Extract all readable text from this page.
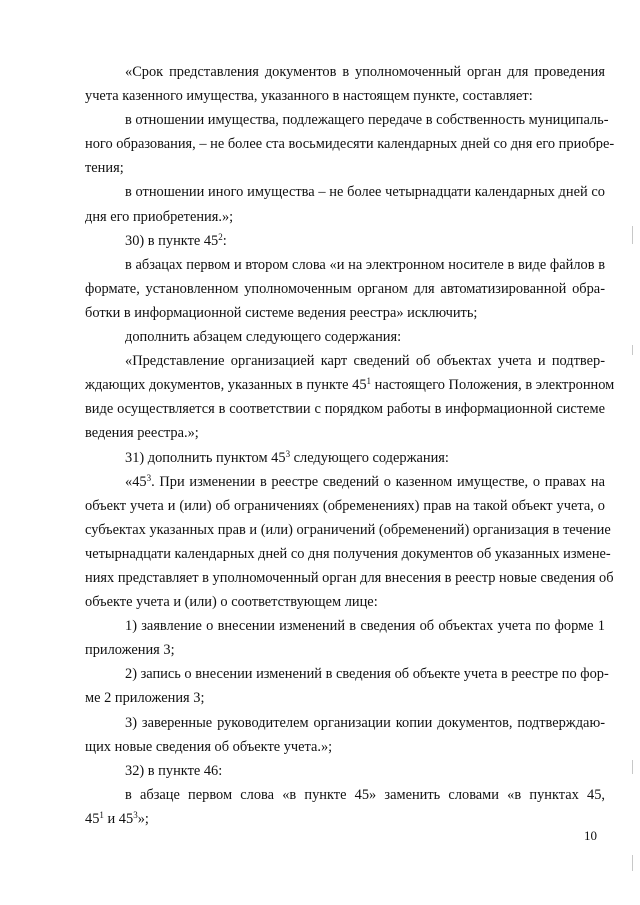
«Срок представления документов в уполномоченный орган для проведения
учета казенного имущества, указанного в настоящем пункте, составляет:
в отношении имущества, подлежащего передаче в собственность муниципаль-
ного образования, – не более ста восьмидесяти календарных дней со дня его приобре-
тения;
в отношении иного имущества – не более четырнадцати календарных дней со
дня его приобретения.»;
30) в пункте $45^2$:
в абзацах первом и втором слова «и на электронном носителе в виде файлов в
формате, установленном уполномоченным органом для автоматизированной обра-
ботки в информационной системе ведения реестра» исключить;
дополнить абзацем следующего содержания:
«Представление организацией карт сведений об объектах учета и подтвер-
ждающих документов, указанных в пункте $45^1$ настоящего Положения, в электронном
виде осуществляется в соответствии с порядком работы в информационной системе
ведения реестра.»;
31) дополнить пунктом $45^3$ следующего содержания:
«$45^3$. При изменении в реестре сведений о казенном имуществе, о правах на
объект учета и (или) об ограничениях (обременениях) прав на такой объект учета, о
субъектах указанных прав и (или) ограничений (обременений) организация в течение
четырнадцати календарных дней со дня получения документов об указанных измене-
ниях представляет в уполномоченный орган для внесения в реестр новые сведения об
объекте учета и (или) о соответствующем лице:
1) заявление о внесении изменений в сведения об объектах учета по форме 1
приложения 3;
2) запись о внесении изменений в сведения об объекте учета в реестре по фор-
ме 2 приложения 3;
3) заверенные руководителем организации копии документов, подтверждаю-
щих новые сведения об объекте учета.»;
32) в пункте 46:
в абзаце первом слова «в пункте 45» заменить словами «в пунктах 45,
$45^1$ и $45^3$»;
10
